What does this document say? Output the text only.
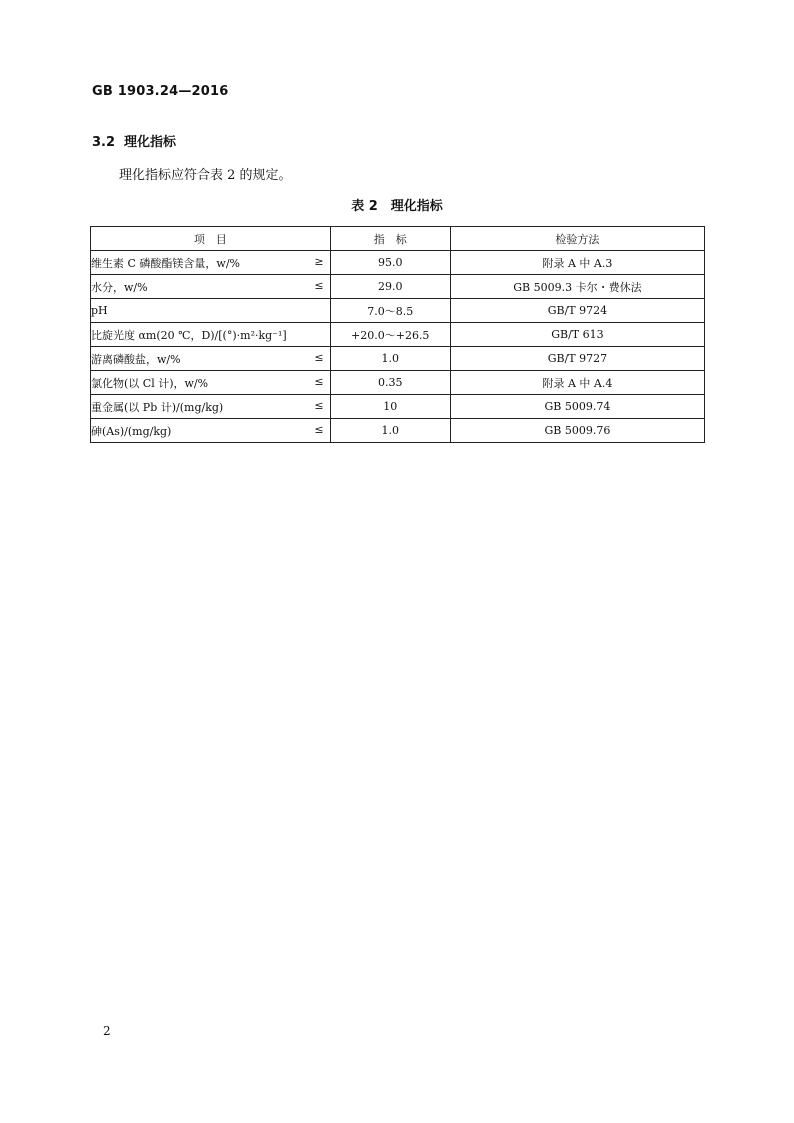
GB 1903.24—2016
3.2 理化指标
理化指标应符合表 2 的规定。
表 2　理化指标
项　目	指　标	检验方法
维生素 C 磷酸酯镁含量，w/% ≥	95.0	附录 A 中 A.3
水分，w/% ≤	29.0	GB 5009.3 卡尔・费休法
pH	7.0～8.5	GB/T 9724
比旋光度 αm(20 ℃，D)/[(°)·m²·kg⁻¹]	+20.0～+26.5	GB/T 613
游离磷酸盐，w/% ≤	1.0	GB/T 9727
氯化物(以 Cl 计)，w/% ≤	0.35	附录 A 中 A.4
重金属(以 Pb 计)/(mg/kg) ≤	10	GB 5009.74
砷(As)/(mg/kg) ≤	1.0	GB 5009.76
2
